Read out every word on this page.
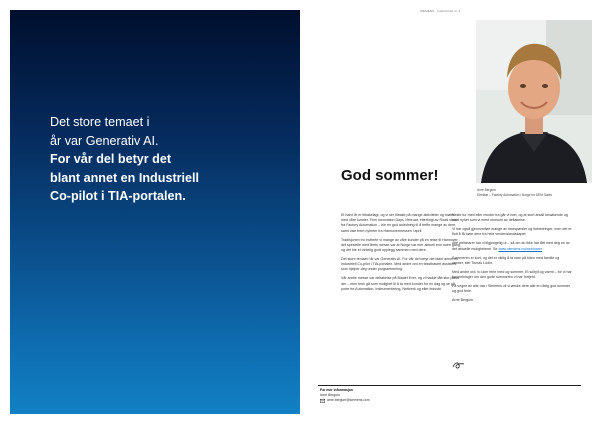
Det store temaet i
år var Generativ AI.
For vår del betyr det
blant annet en Industriell
Co-pilot i TIA-portalen.
SIEMENS · Industrinytt nr. 2
God sommer!
Arne Bergum
Direktør – Factory Automation i Norge for DEM Sales

Et halvt år er tilbakelagt, og vi ser tilbake på mange aktiviteter og møter med våre kunder. Fem Innovation Days i februar, etterfulgt av Road show fra Factory Automation – ble en god anledning til å treffe mange av dere, samt vise frem nyheter fra Hannovermessen i april.

Tradisjonen tro inviterte vi mange av våre kunder på en reise til Hannover, det spesielle med årets messe var at Norge var mer aktuell enn noen gang, og det ble et virkelig godt opplegg sammen med dere.

Det store temaet i år var Generativ AI. For vår del betyr det blant annet en Industriell Co-pilot i TIA-portalen. Med andre ord en tekstbasert assistent som hjelper deg under programmering.

Vår andre messe var deltakelse på Bladet Ever, og vi hadde fått stor plass der – men tenk gå som mulighet til å ta med kunder for en dag og se på porte fra Automation, Instrumentering, Nettverk og eller industri.

Neste tur med eller minder fra går vi bort, og at stort antall besøkende og med nyhet som vi mest morsom av deltakelse.

Vi har også gjennomført mange av forespørsler og forbedringer, men det er flott å få høre dere fra hele verdenslandskapet.

Alle webinarer har vi tilgjengelig ut – så om du ikke har fått med deg en av det aktuelle mulighetene. Se www.siemens.no/webinarer

Sommeren er kort, og det er viktig å ta vare på tiden med familie og venner, sier Tomas Lodin.

Med andre ord, to uker ferie med og sommer. Et solfylt og varmt – for vi har forventninger om den gode sommeren vi har fortjent.

På vegne av alle oss i Siemens vil vi ønske dere alle en riktig god sommer og god ferie.

Arne Bergum

For mer informasjon
Arne Bergum
arne.bergum@siemens.com
